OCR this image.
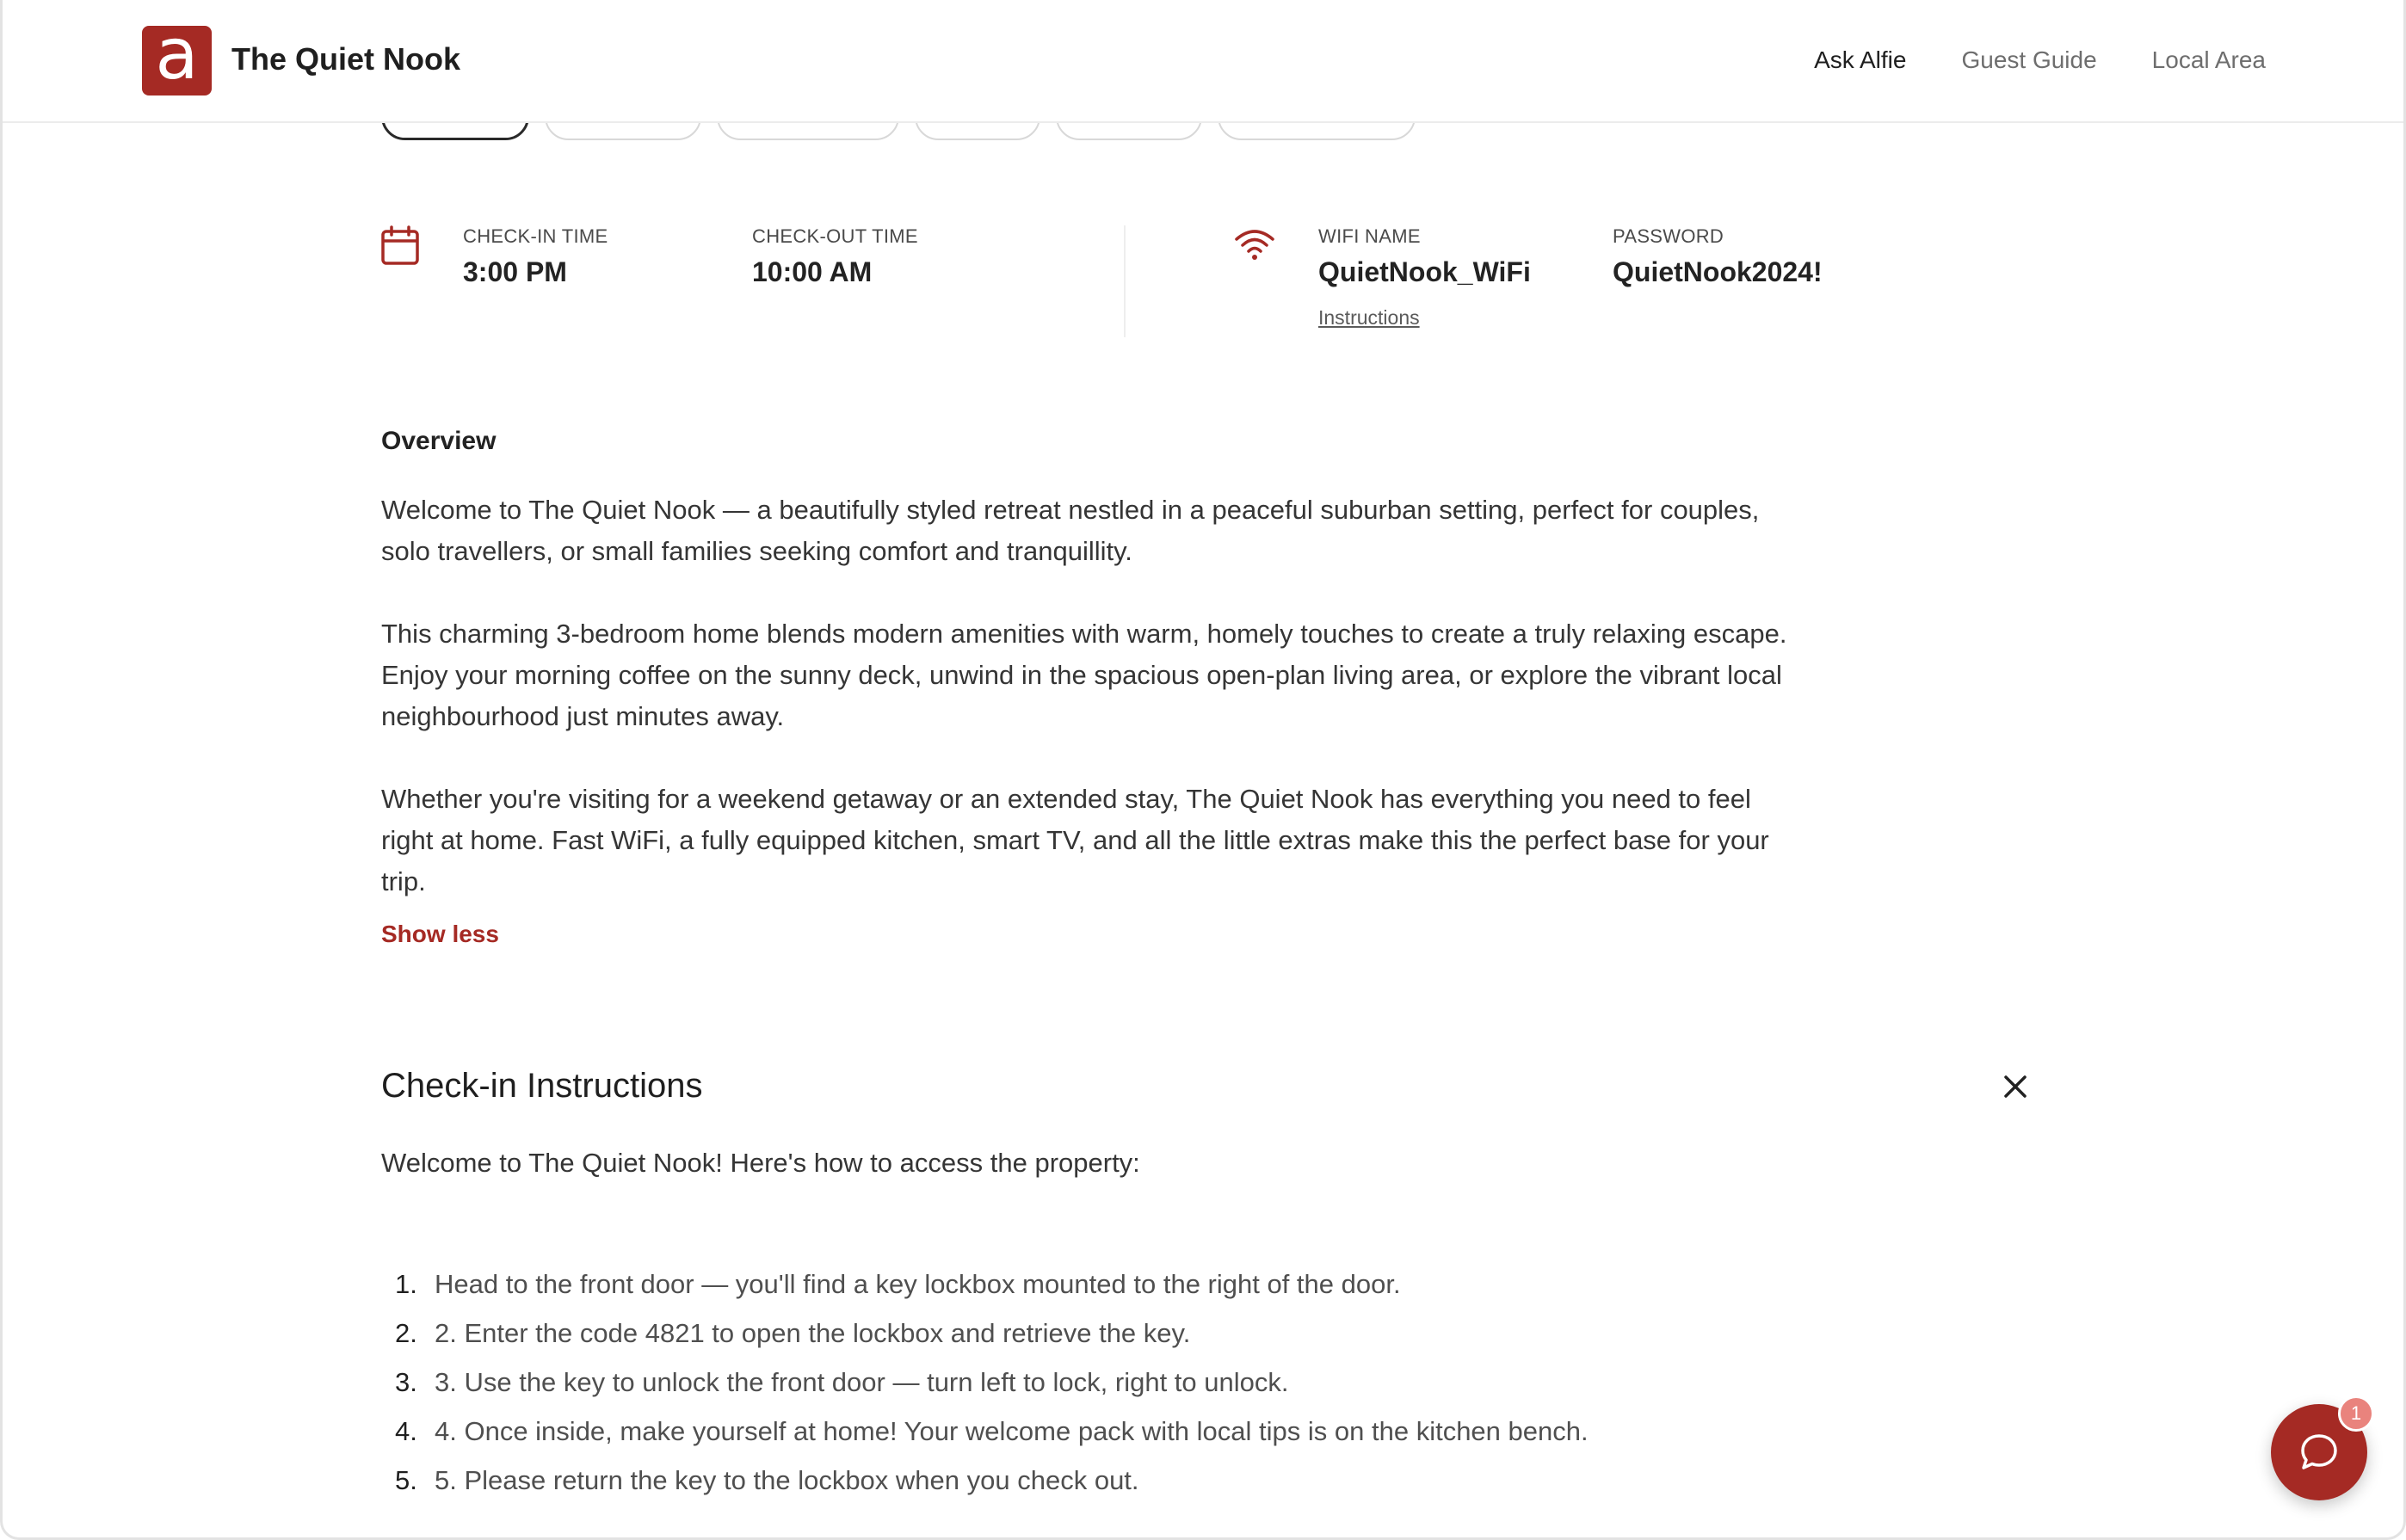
a The Quiet Nook	Ask Alfie Guest Guide Local Area
CHECK-IN TIME
3:00 PM
CHECK-OUT TIME
10:00 AM
WIFI NAME
QuietNook_WiFi
PASSWORD
QuietNook2024!
Instructions
Overview

Welcome to The Quiet Nook — a beautifully styled retreat nestled in a peaceful suburban setting, perfect for couples, solo travellers, or small families seeking comfort and tranquillity.

This charming 3-bedroom home blends modern amenities with warm, homely touches to create a truly relaxing escape. Enjoy your morning coffee on the sunny deck, unwind in the spacious open-plan living area, or explore the vibrant local neighbourhood just minutes away.

Whether you're visiting for a weekend getaway or an extended stay, The Quiet Nook has everything you need to feel right at home. Fast WiFi, a fully equipped kitchen, smart TV, and all the little extras make this the perfect base for your trip.

Show less
Check-in Instructions
Welcome to The Quiet Nook! Here's how to access the property:
1. Head to the front door — you'll find a key lockbox mounted to the right of the door.
2. 2. Enter the code 4821 to open the lockbox and retrieve the key.
3. 3. Use the key to unlock the front door — turn left to lock, right to unlock.
4. 4. Once inside, make yourself at home! Your welcome pack with local tips is on the kitchen bench.
5. 5. Please return the key to the lockbox when you check out.
1
